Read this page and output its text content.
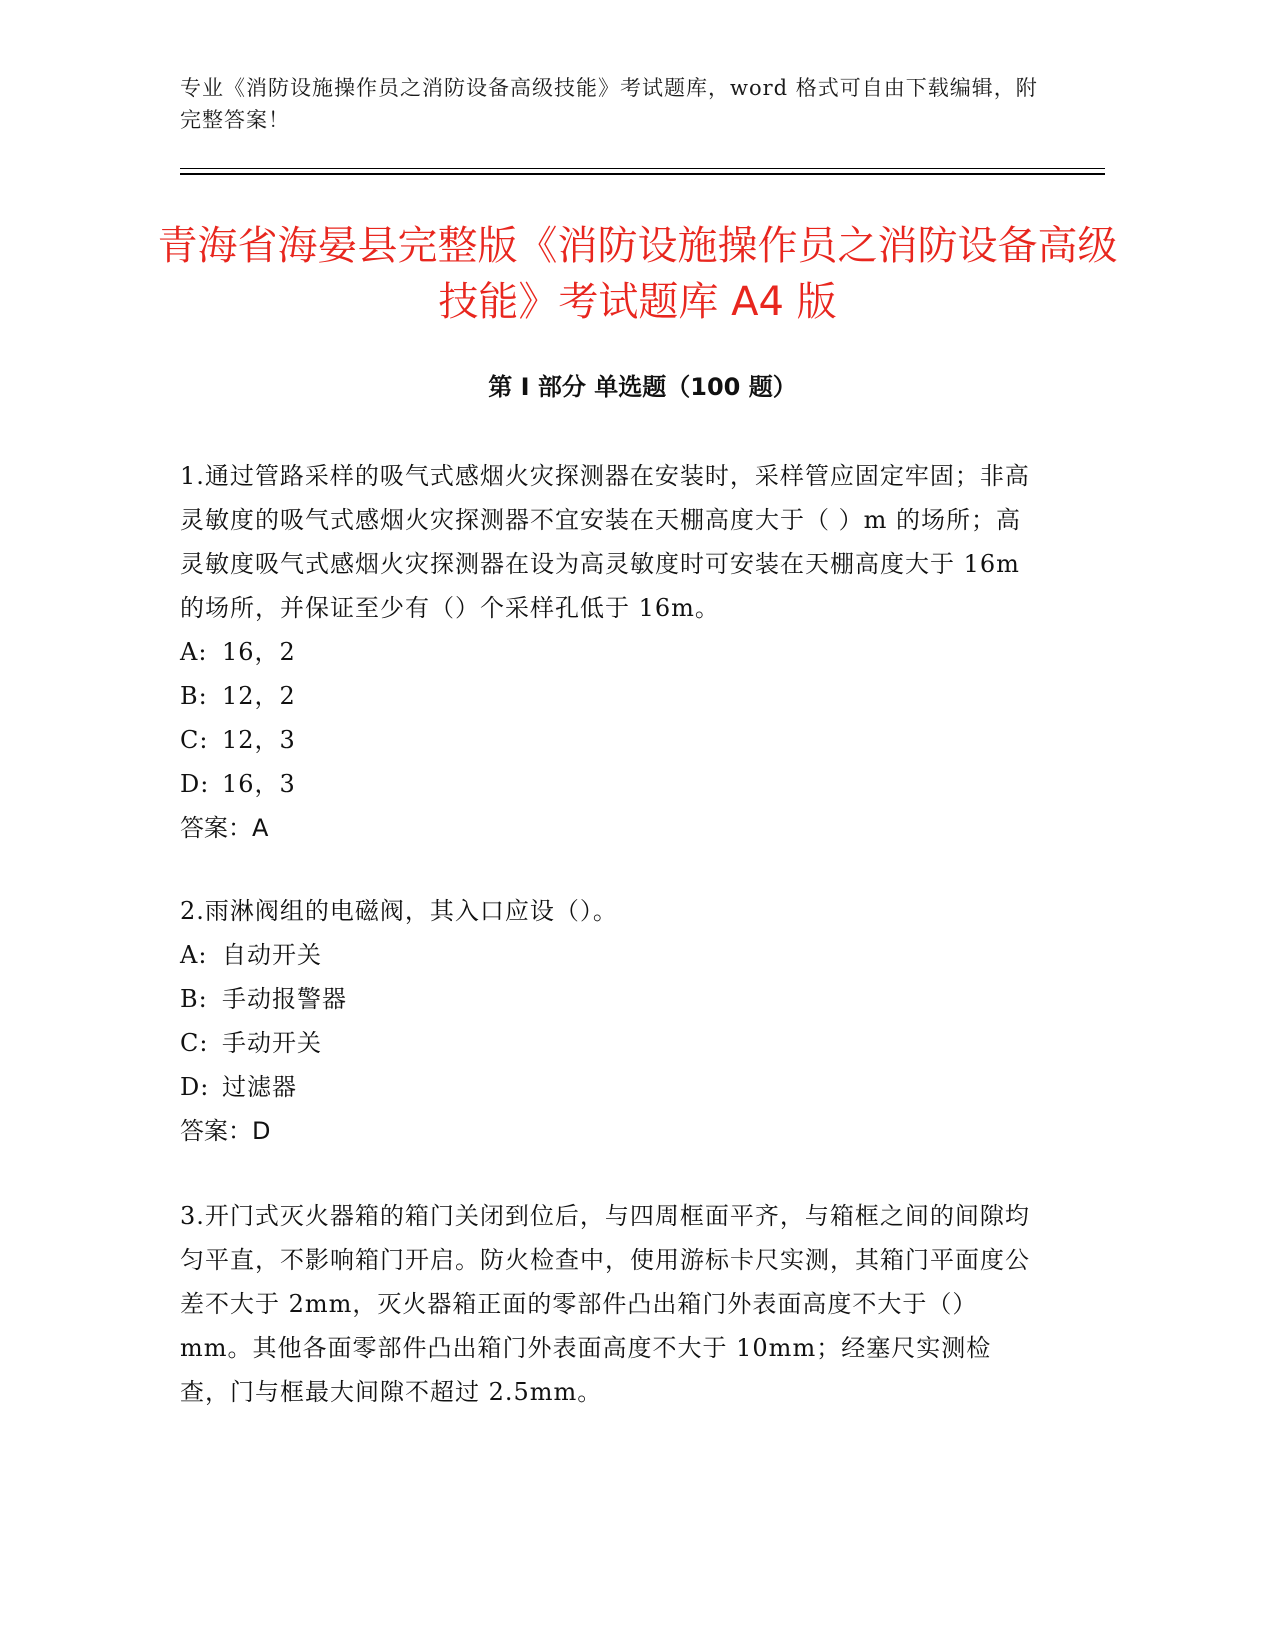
专业《消防设施操作员之消防设备高级技能》考试题库，word 格式可自由下载编辑，附完整答案！
青海省海晏县完整版《消防设施操作员之消防设备高级技能》考试题库 A4 版
第 I 部分 单选题（100 题）

1.通过管路采样的吸气式感烟火灾探测器在安装时，采样管应固定牢固；非高灵敏度的吸气式感烟火灾探测器不宜安装在天棚高度大于（ ）m 的场所；高灵敏度吸气式感烟火灾探测器在设为高灵敏度时可安装在天棚高度大于 16m 的场所，并保证至少有（）个采样孔低于 16m。

A: 16，2
B: 12，2
C: 12，3
D: 16，3

答案：A

2.雨淋阀组的电磁阀，其入口应设（）。

A: 自动开关
B: 手动报警器
C: 手动开关
D: 过滤器

答案：D

3.开门式灭火器箱的箱门关闭到位后，与四周框面平齐，与箱框之间的间隙均匀平直，不影响箱门开启。防火检查中，使用游标卡尺实测，其箱门平面度公差不大于 2mm，灭火器箱正面的零部件凸出箱门外表面高度不大于（）mm。其他各面零部件凸出箱门外表面高度不大于 10mm；经塞尺实测检查，门与框最大间隙不超过 2.5mm。
